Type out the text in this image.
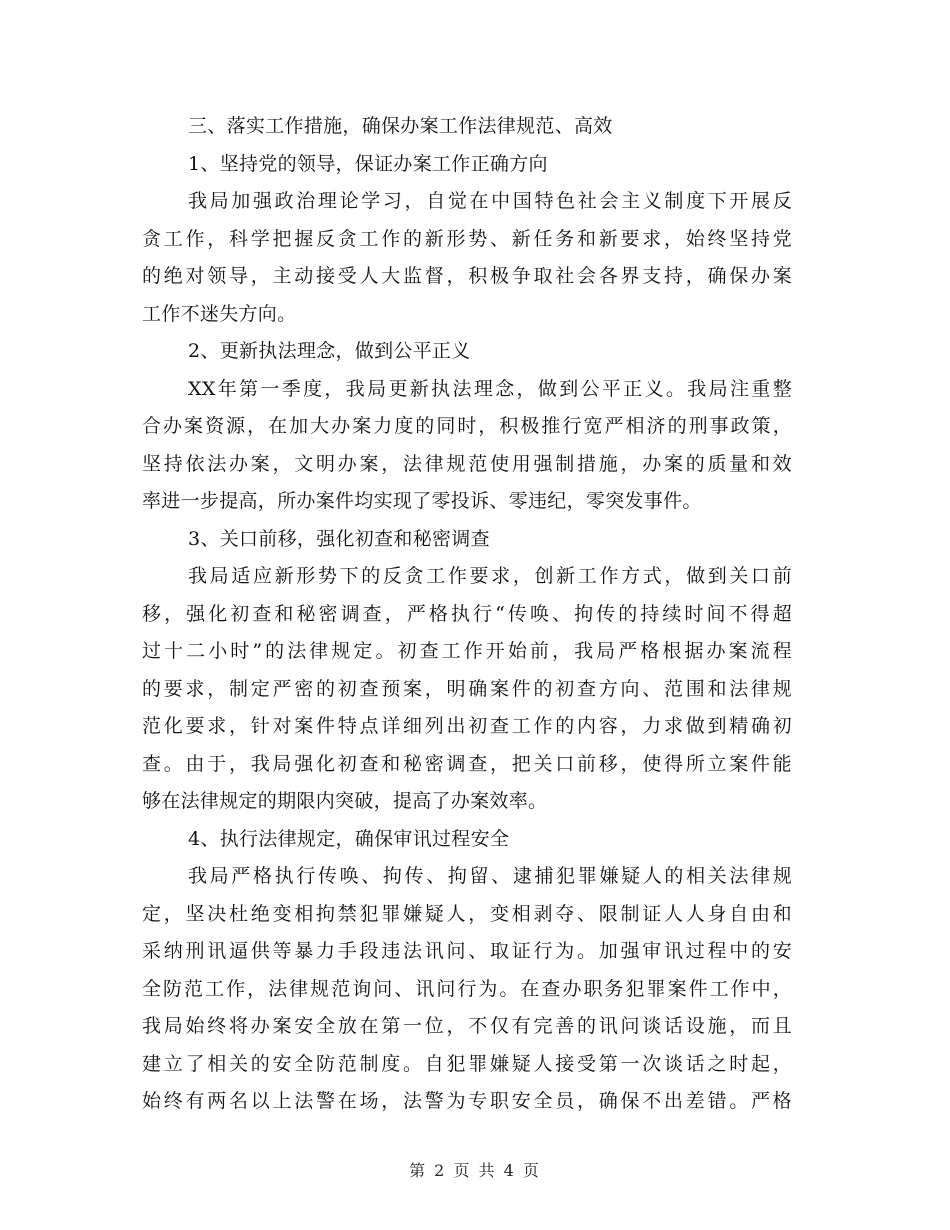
三、落实工作措施，确保办案工作法律规范、高效
1、坚持党的领导，保证办案工作正确方向
我局加强政治理论学习，自觉在中国特色社会主义制度下开展反
贪工作，科学把握反贪工作的新形势、新任务和新要求，始终坚持党
的绝对领导，主动接受人大监督，积极争取社会各界支持，确保办案
工作不迷失方向。
2、更新执法理念，做到公平正义
XX年第一季度，我局更新执法理念，做到公平正义。我局注重整
合办案资源，在加大办案力度的同时，积极推行宽严相济的刑事政策，
坚持依法办案，文明办案，法律规范使用强制措施，办案的质量和效
率进一步提高，所办案件均实现了零投诉、零违纪，零突发事件。
3、关口前移，强化初查和秘密调查
我局适应新形势下的反贪工作要求，创新工作方式，做到关口前
移，强化初查和秘密调查，严格执行“传唤、拘传的持续时间不得超
过十二小时”的法律规定。初查工作开始前，我局严格根据办案流程
的要求，制定严密的初查预案，明确案件的初查方向、范围和法律规
范化要求，针对案件特点详细列出初查工作的内容，力求做到精确初
查。由于，我局强化初查和秘密调查，把关口前移，使得所立案件能
够在法律规定的期限内突破，提高了办案效率。
4、执行法律规定，确保审讯过程安全
我局严格执行传唤、拘传、拘留、逮捕犯罪嫌疑人的相关法律规
定，坚决杜绝变相拘禁犯罪嫌疑人，变相剥夺、限制证人人身自由和
采纳刑讯逼供等暴力手段违法讯问、取证行为。加强审讯过程中的安
全防范工作，法律规范询问、讯问行为。在查办职务犯罪案件工作中，
我局始终将办案安全放在第一位，不仅有完善的讯问谈话设施，而且
建立了相关的安全防范制度。自犯罪嫌疑人接受第一次谈话之时起，
始终有两名以上法警在场，法警为专职安全员，确保不出差错。严格
第 2 页 共 4 页
